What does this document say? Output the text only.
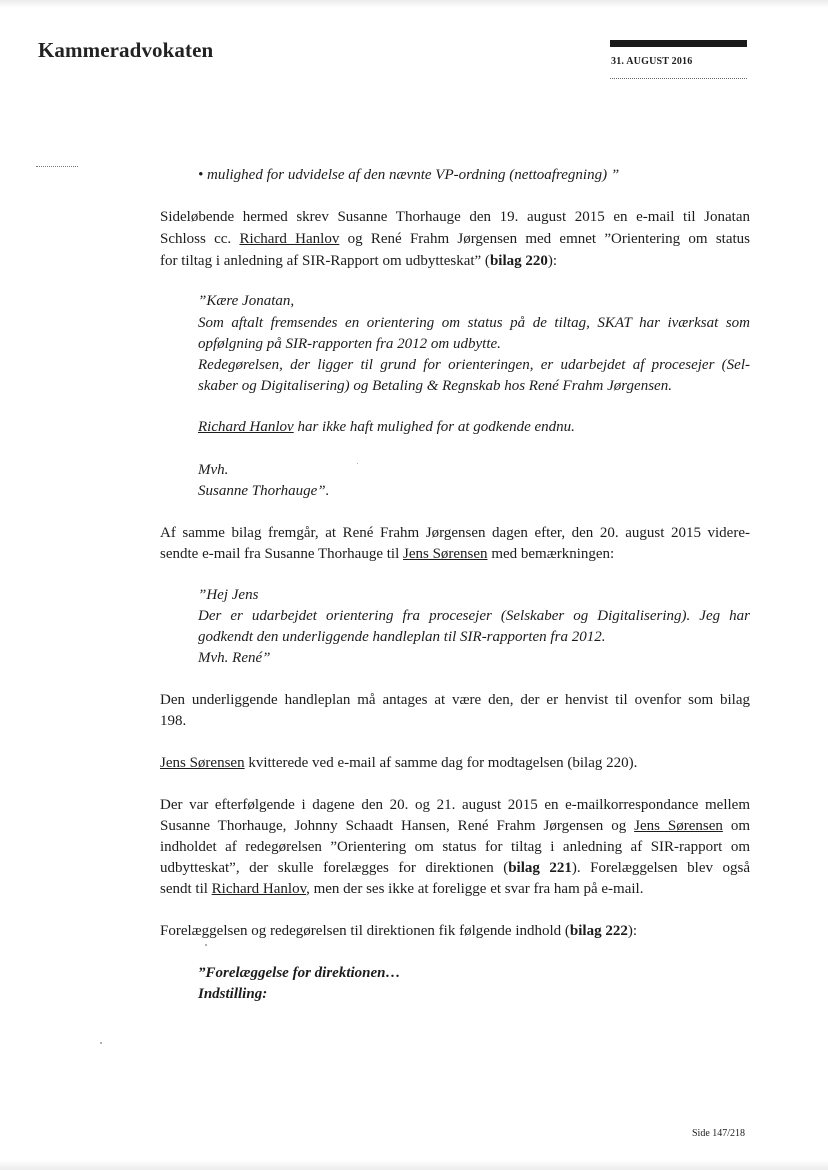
Kammeradvokaten	31. AUGUST 2016
• mulighed for udvidelse af den nævnte VP-ordning (nettoafregning) ”
Sideløbende hermed skrev Susanne Thorhauge den 19. august 2015 en e-mail til Jonatan
Schloss cc. Richard Hanlov og René Frahm Jørgensen med emnet ”Orientering om status
for tiltag i anledning af SIR-Rapport om udbytteskat” (bilag 220):
”Kære Jonatan,
Som aftalt fremsendes en orientering om status på de tiltag, SKAT har iværksat som
opfølgning på SIR-rapporten fra 2012 om udbytte.
Redegørelsen, der ligger til grund for orienteringen, er udarbejdet af procesejer (Sel-
skaber og Digitalisering) og Betaling & Regnskab hos René Frahm Jørgensen.
Richard Hanlov har ikke haft mulighed for at godkende endnu.
Mvh.
Susanne Thorhauge”.
Af samme bilag fremgår, at René Frahm Jørgensen dagen efter, den 20. august 2015 videre-
sendte e-mail fra Susanne Thorhauge til Jens Sørensen med bemærkningen:
”Hej Jens
Der er udarbejdet orientering fra procesejer (Selskaber og Digitalisering). Jeg har
godkendt den underliggende handleplan til SIR-rapporten fra 2012.
Mvh. René”
Den underliggende handleplan må antages at være den, der er henvist til ovenfor som bilag
198.
Jens Sørensen kvitterede ved e-mail af samme dag for modtagelsen (bilag 220).
Der var efterfølgende i dagene den 20. og 21. august 2015 en e-mailkorrespondance mellem
Susanne Thorhauge, Johnny Schaadt Hansen, René Frahm Jørgensen og Jens Sørensen om
indholdet af redegørelsen ”Orientering om status for tiltag i anledning af SIR-rapport om
udbytteskat”, der skulle forelægges for direktionen (bilag 221). Forelæggelsen blev også
sendt til Richard Hanlov, men der ses ikke at foreligge et svar fra ham på e-mail.
Forelæggelsen og redegørelsen til direktionen fik følgende indhold (bilag 222):
”Forelæggelse for direktionen…
Indstilling:
Side 147/218
